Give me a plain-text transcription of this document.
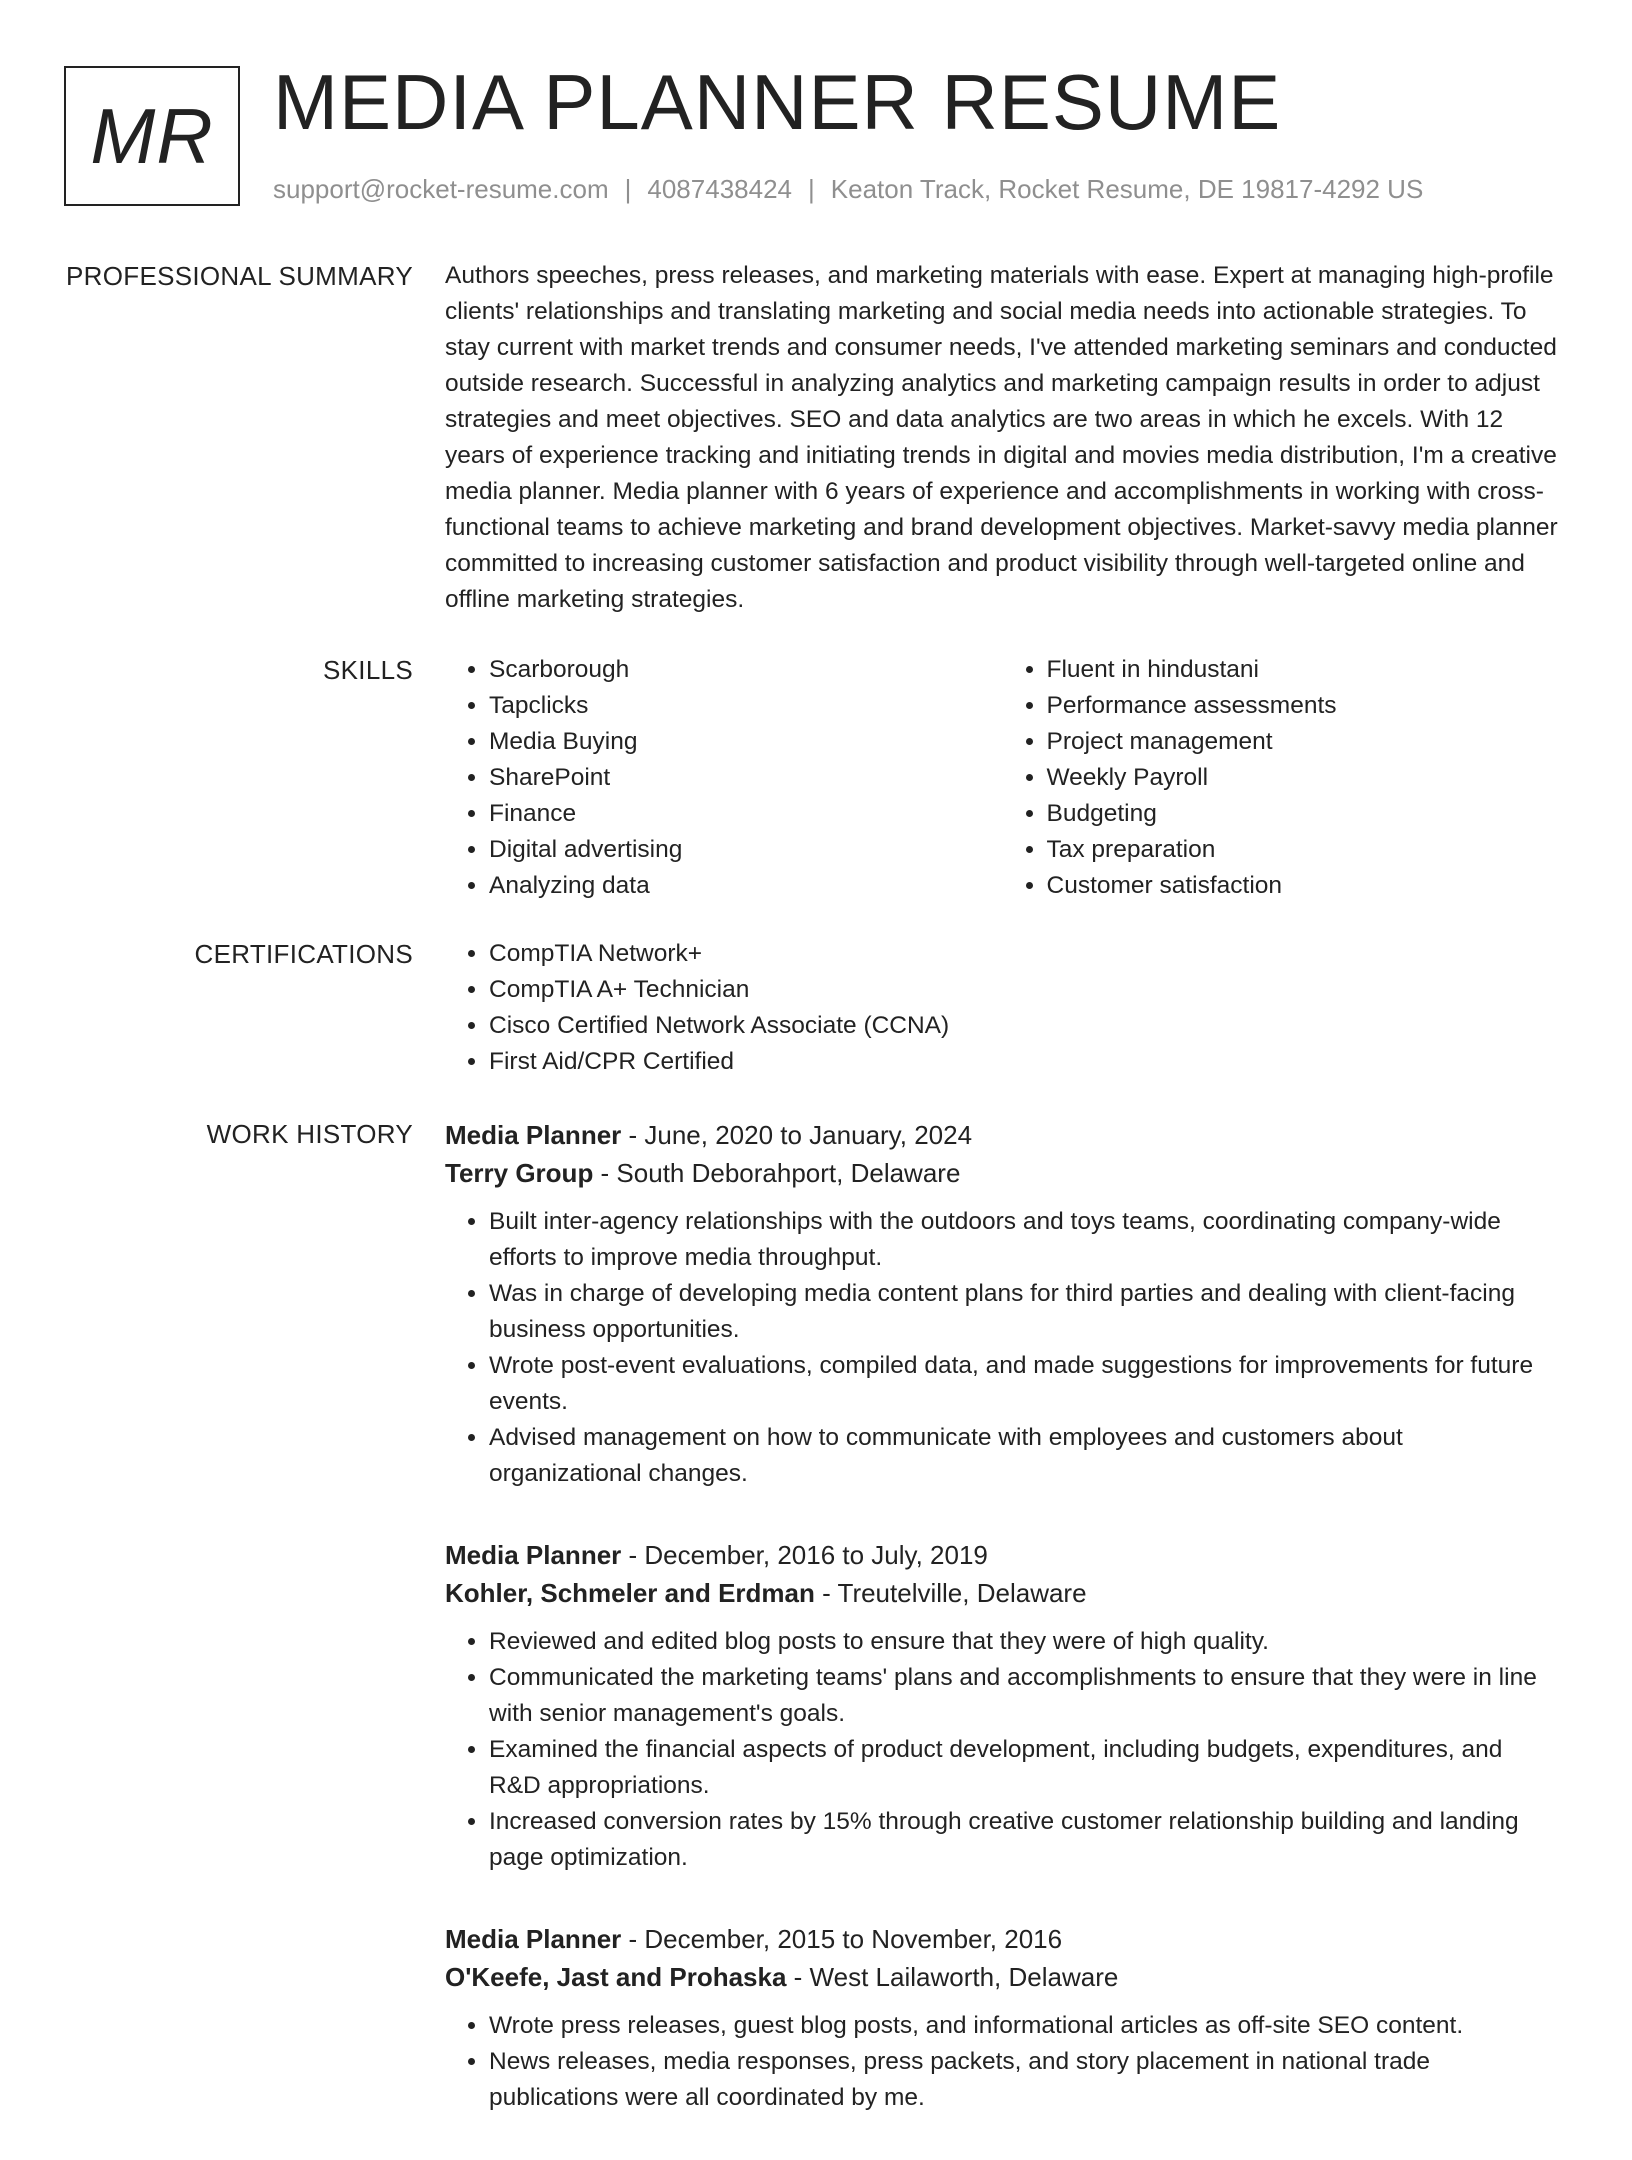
MR MEDIA PLANNER RESUME
support@rocket-resume.com | 4087438424 | Keaton Track, Rocket Resume, DE 19817-4292 US
PROFESSIONAL SUMMARY Authors speeches, press releases, and marketing materials with ease. Expert at managing high-profile clients' relationships and translating marketing and social media needs into actionable strategies. To stay current with market trends and consumer needs, I've attended marketing seminars and conducted outside research. Successful in analyzing analytics and marketing campaign results in order to adjust strategies and meet objectives. SEO and data analytics are two areas in which he excels. With 12 years of experience tracking and initiating trends in digital and movies media distribution, I'm a creative media planner. Media planner with 6 years of experience and accomplishments in working with cross-functional teams to achieve marketing and brand development objectives. Market-savvy media planner committed to increasing customer satisfaction and product visibility through well-targeted online and offline marketing strategies.

SKILLS	• Scarborough
• Tapclicks
• Media Buying
• SharePoint
• Finance
• Digital advertising
• Analyzing data
• Fluent in hindustani
• Performance assessments
• Project management
• Weekly Payroll
• Budgeting
• Tax preparation
• Customer satisfaction
CERTIFICATIONS	• CompTIA Network+
• CompTIA A+ Technician
• Cisco Certified Network Associate (CCNA)
• First Aid/CPR Certified
WORK HISTORY Media Planner - June, 2020 to January, 2024
Terry Group - South Deborahport, Delaware
• Built inter-agency relationships with the outdoors and toys teams, coordinating company-wide efforts to improve media throughput.
• Was in charge of developing media content plans for third parties and dealing with client-facing business opportunities.
• Wrote post-event evaluations, compiled data, and made suggestions for improvements for future events.
• Advised management on how to communicate with employees and customers about organizational changes.
Media Planner - December, 2016 to July, 2019
Kohler, Schmeler and Erdman - Treutelville, Delaware
• Reviewed and edited blog posts to ensure that they were of high quality.
• Communicated the marketing teams' plans and accomplishments to ensure that they were in line with senior management's goals.
• Examined the financial aspects of product development, including budgets, expenditures, and R&D appropriations.
• Increased conversion rates by 15% through creative customer relationship building and landing page optimization.
Media Planner - December, 2015 to November, 2016
O'Keefe, Jast and Prohaska - West Lailaworth, Delaware
• Wrote press releases, guest blog posts, and informational articles as off-site SEO content.
• News releases, media responses, press packets, and story placement in national trade publications were all coordinated by me.
